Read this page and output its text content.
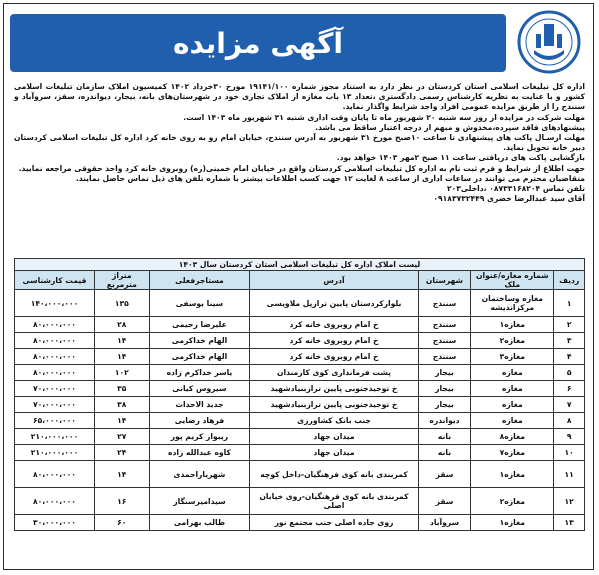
آگهی مزایده

اداره کل تبلیغات اسلامی استان کردستان در نظر دارد به استناد مجوز شماره ۱۹۱۴۱/۱۰۰ مورخ ۳۰خرداد ۱۴۰۲ کمیسیون املاک سازمان تبلیغات اسلامی کشور و با عنایت به نظریه کارشناس رسمی دادگستری ،تعداد ۱۳ باب مغازه از املاک تجاری خود در شهرستان‌های بانه، بیجار، دیواندره، سقز، سروآباد و سنندج را از طریق مزایده عمومی افراد واجد شرایط واگذار نماید.

مهلت شرکت در مزایده از روز سه شنبه ۲۰ شهریور ماه تا پایان وقت اداری شنبه ۳۱ شهریور ماه ۱۴۰۳ است.

پیشنهادهای فاقد سپرده،مخدوش و مبهم از درجه اعتبار ساقط می باشد.

مهلت ارسـال پاکت های پیشنهادی تا ساعت ۱۰صبح مورخ ۳۱ شهریور به آدرس سنندج، خیابان امام رو به روی خانه کرد اداره کل تبلیغات اسلامی کردستان دبیر خانه تحویل نماید.

بازگشایی پاکت های دریافتی ساعت ۱۱ صبح ۲مهر ۱۴۰۳ خواهد بود.

جهت اطلاع از شرایط و فرم ثبت نام به اداره کل تبلیغات اسلامی کردستان واقع در خیابان امام خمینی(ره) روبروی خانه کرد واحد حقوقی مراجعه نمایید.

متقاضیان محترم می توانند در ساعات اداری از ساعت ۸ لغایت ۱۲ جهت کسب اطلاعات بیشتر با شماره تلفن های ذیل تماس حاصل نمایند.

تلفن تماس ۰۸۷۳۳۱۶۸۲۰۴ ،داخلی۲۰۳

آقای سید عبدالرضا خضری ۰۹۱۸۳۷۳۲۴۴۹

لیست املاک اداره کل تبلیغات اسلامی استان کردستان سال ۱۴۰۳						
ردیف	شماره مغازه/عنوان ملک	شهرستان	آدرس	مستاجرفعلی	متراژ مترمربع	قیمت کارشناسی
۱	مغازه وساختمان مرکزاندیشه	سنندج	بلوارکردستان پایین ترازپل ملاویسی	سینا یوسفی	۱۳۵	۱۴۰،۰۰۰،۰۰۰
۲	مغازه۱	سنندج	خ امام روبروی خانه کرد	علیرضا رحیمی	۲۸	۸۰،۰۰۰،۰۰۰
۳	مغازه۲	سنندج	خ امام روبروی خانه کرد	الهام خداکرمی	۱۴	۸۰،۰۰۰،۰۰۰
۴	مغازه۳	سنندج	خ امام روبروی خانه کرد	الهام خداکرمی	۱۴	۸۰،۰۰۰،۰۰۰
۵	مغازه	بیجار	پشت فرمانداری کوی کارمندان	یاسر خداکرم زاده	۱۰۲	۸۰،۰۰۰،۰۰۰
۶	مغازه	بیجار	خ توحیدجنوبی پایین ترازبنیادشهید	سیروس کیانی	۳۵	۷۰،۰۰۰،۰۰۰
۷	مغازه	بیجار	خ توحیدجنوبی پایین ترازبنیادشهید	جدید الاحداث	۳۸	۷۰،۰۰۰،۰۰۰
۸	مغازه	دیواندره	جنب بانک کشاورزی	فرهاد رضایی	۱۴	۶۵،۰۰۰،۰۰۰
۹	مغازه۸	بانه	میدان جهاد	ریبوار کریم پور	۲۷	۲۱۰،۰۰۰،۰۰۰
۱۰	مغازه۷	بانه	میدان جهاد	کاوه عبدالله زاده	۲۴	۲۱۰،۰۰۰،۰۰۰
۱۱	مغازه۱	سقز	کمربندی بانه کوی فرهنگیان-داخل کوچه	شهریاراحمدی	۱۴	۸۰،۰۰۰،۰۰۰
۱۲	مغازه۲	سقز	کمربندی بانه کوی فرهنگیان-روی خیابان اصلی	سیدامیرسنگاز	۱۶	۸۰،۰۰۰،۰۰۰
۱۳	مغازه۱	سروآباد	روی جاده اصلی جنب مجتمع نور	طالب بهرامی	۶۰	۳۰،۰۰۰،۰۰۰
